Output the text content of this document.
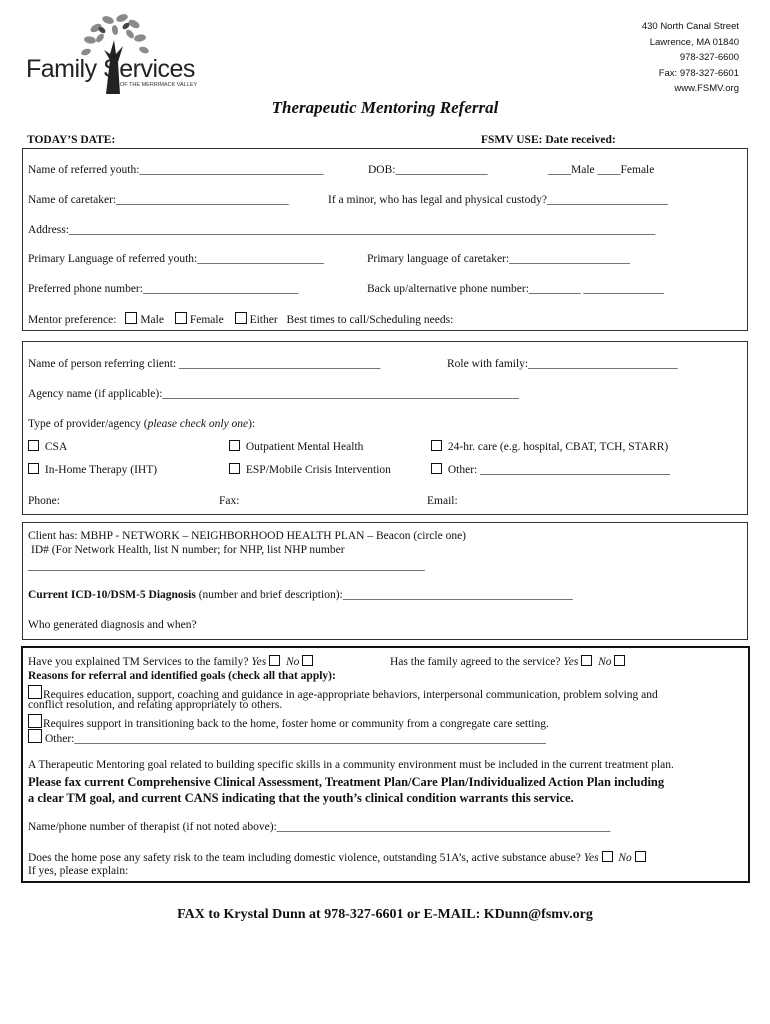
Family Services
OF THE MERRIMACK VALLEY
430 North Canal Street
Lawrence, MA 01840
978-327-6600
Fax: 978-327-6601
www.FSMV.org
Therapeutic Mentoring Referral
TODAY’S DATE:	FSMV USE: Date received:
Name of referred youth:________________________________	DOB:________________	____Male ____Female
Name of caretaker:______________________________	If a minor, who has legal and physical custody?_____________________
Address:______________________________________________________________________________________________________
Primary Language of referred youth:______________________	Primary language of caretaker:_____________________
Preferred phone number:___________________________	Back up/alternative phone number:_________ ______________
Mentor preference: Male Female Either Best times to call/Scheduling needs:
Name of person referring client: ___________________________________	Role with family:__________________________
Agency name (if applicable):______________________________________________________________
Type of provider/agency (please check only one):
CSA	Outpatient Mental Health	24-hr. care (e.g. hospital, CBAT, TCH, STARR)
In-Home Therapy (IHT)	ESP/Mobile Crisis Intervention	Other: _________________________________
Phone:	Fax:	Email:
Client has: MBHP - NETWORK – NEIGHBORHOOD HEALTH PLAN – Beacon (circle one)
ID# (For Network Health, list N number; for NHP, list NHP number
_____________________________________________________________________
Current ICD-10/DSM-5 Diagnosis (number and brief description):________________________________________
Who generated diagnosis and when?
Have you explained TM Services to the family? Yes No	Has the family agreed to the service? Yes No
Reasons for referral and identified goals (check all that apply):
Requires education, support, coaching and guidance in age-appropriate behaviors, interpersonal communication, problem solving and
conflict resolution, and relating appropriately to others.
Requires support in transitioning back to the home, foster home or community from a congregate care setting.
Other:__________________________________________________________________________________
A Therapeutic Mentoring goal related to building specific skills in a community environment must be included in the current treatment plan.
Please fax current Comprehensive Clinical Assessment, Treatment Plan/Care Plan/Individualized Action Plan including
a clear TM goal, and current CANS indicating that the youth’s clinical condition warrants this service.
Name/phone number of therapist (if not noted above):__________________________________________________________
Does the home pose any safety risk to the team including domestic violence, outstanding 51A’s, active substance abuse? Yes No
If yes, please explain:
FAX to Krystal Dunn at 978-327-6601 or E-MAIL: KDunn@fsmv.org
